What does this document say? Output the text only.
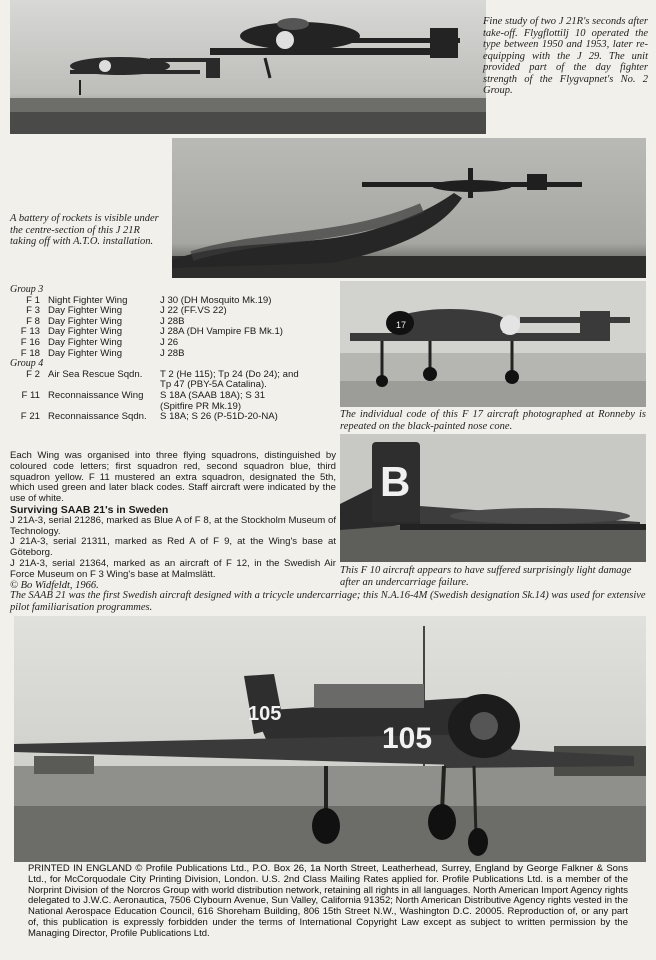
Fine study of two J 21R's seconds after take-off. Flygflottilj 10 operated the type between 1950 and 1953, later re-equipping with the J 29. The unit provided part of the day fighter strength of the Flygvapnet's No. 2 Group.

A battery of rockets is visible under the centre-section of this J 21R taking off with A.T.O. installation.

Group 3		
F 1	Night Fighter Wing	J 30 (DH Mosquito Mk.19)
F 3	Day Fighter Wing	J 22 (FF.VS 22)
F 8	Day Fighter Wing	J 28B
F 13	Day Fighter Wing	J 28A (DH Vampire FB Mk.1)
F 16	Day Fighter Wing	J 26
F 18	Day Fighter Wing	J 28B
Group 4		
F 2	Air Sea Rescue Sqdn.	T 2 (He 115); Tp 24 (Do 24); and Tp 47 (PBY-5A Catalina).
F 11	Reconnaissance Wing	S 18A (SAAB 18A); S 31 (Spitfire PR Mk.19)
F 21	Reconnaissance Sqdn.	S 18A; S 26 (P-51D-20-NA)
17

The individual code of this F 17 aircraft photographed at Ronneby is repeated on the black-painted nose cone.

B

This F 10 aircraft appears to have suffered surprisingly light damage after an undercarriage failure.

Each Wing was organised into three flying squadrons, distinguished by coloured code letters; first squadron red, second squadron blue, third squadron yellow. F 11 mustered an extra squadron, designated the 5th, which used green and later black codes. Staff aircraft were indicated by the use of white.

Surviving SAAB 21's in Sweden

J 21A-3, serial 21286, marked as Blue A of F 8, at the Stockholm Museum of Technology.

J 21A-3, serial 21311, marked as Red A of F 9, at the Wing's base at Göteborg.

J 21A-3, serial 21364, marked as an aircraft of F 12, in the Swedish Air Force Museum on F 3 Wing's base at Malmslätt.

© Bo Widfeldt, 1966.

The SAAB 21 was the first Swedish aircraft designed with a tricycle undercarriage; this N.A.16-4M (Swedish designation Sk.14) was used for extensive pilot familiarisation programmes.

105
105
PRINTED IN ENGLAND © Profile Publications Ltd., P.O. Box 26, 1a North Street, Leatherhead, Surrey, England by George Falkner & Sons Ltd., for McCorquodale City Printing Division, London. U.S. 2nd Class Mailing Rates applied for. Profile Publications Ltd. is a member of the Norprint Division of the Norcros Group with world distribution network, retaining all rights in all languages. North American Import Agency rights delegated to J.W.C. Aeronautica, 7506 Clybourn Avenue, Sun Valley, California 91352; North American Distributive Agency rights vested in the National Aerospace Education Council, 616 Shoreham Building, 806 15th Street N.W., Washington D.C. 20005. Reproduction of, or any part of, this publication is expressly forbidden under the terms of International Copyright Law except as subject to written permission by the Managing Director, Profile Publications Ltd.
